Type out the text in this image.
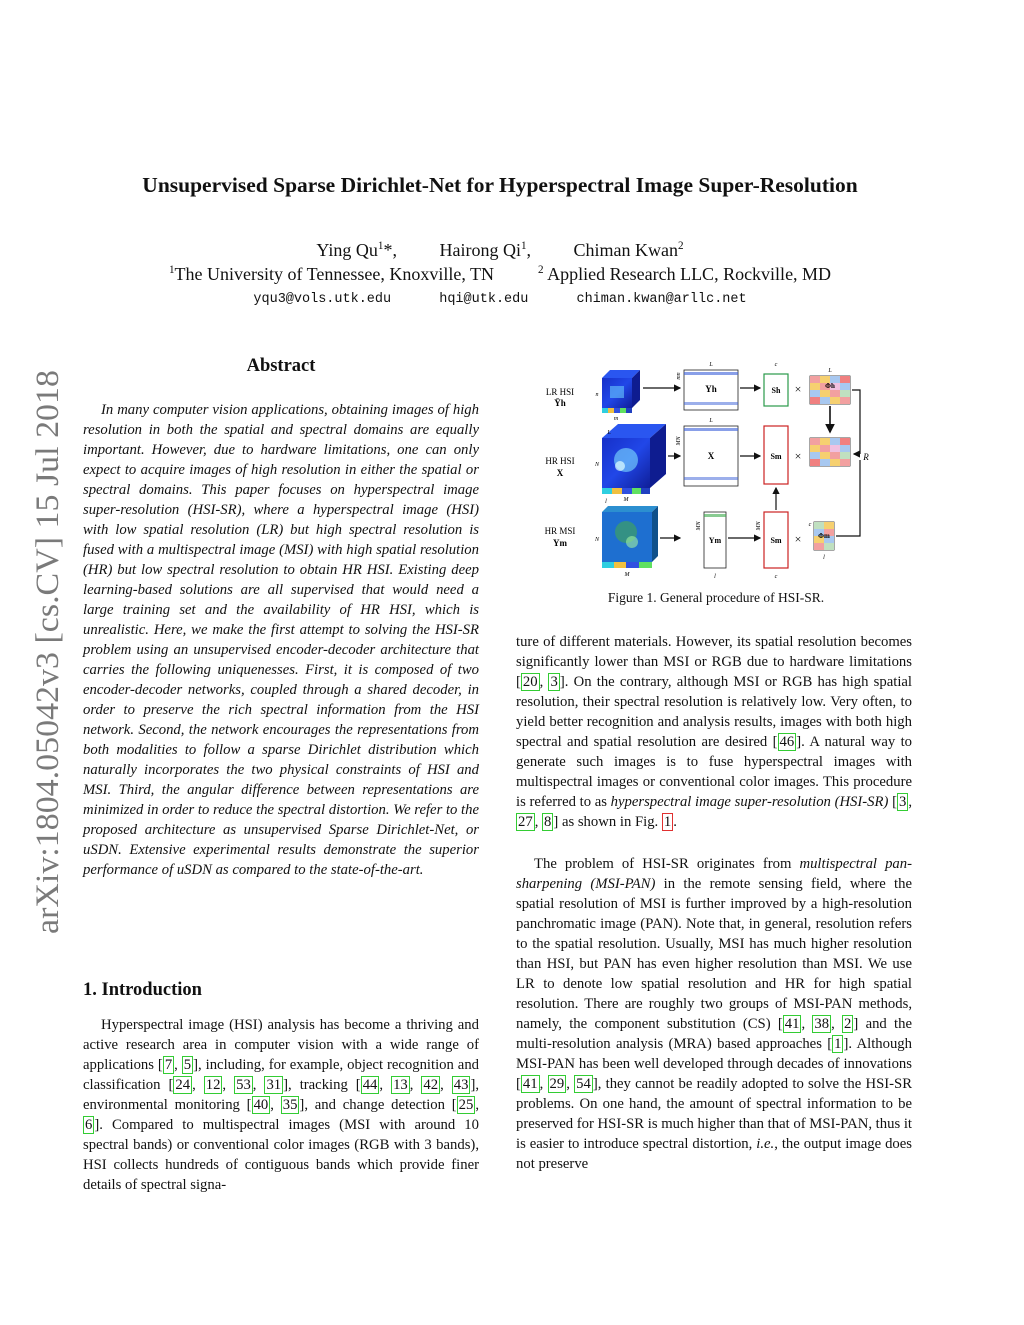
arXiv:1804.05042v3 [cs.CV] 15 Jul 2018
Unsupervised Sparse Dirichlet-Net for Hyperspectral Image Super-Resolution
Ying Qu$^1$*, Hairong Qi$^1$, Chiman Kwan$^2$
$^1$The University of Tennessee, Knoxville, TN	$^2$ Applied Research LLC, Rockville, MD
yqu3@vols.utk.edu	hqi@utk.edu	chiman.kwan@arllc.net
Abstract
In many computer vision applications, obtaining images of high resolution in both the spatial and spectral domains are equally important. However, due to hardware limitations, one can only expect to acquire images of high resolution in either the spatial or spectral domains. This paper focuses on hyperspectral image super-resolution (HSI-SR), where a hyperspectral image (HSI) with low spatial resolution (LR) but high spectral resolution is fused with a multispectral image (MSI) with high spatial resolution (HR) but low spectral resolution to obtain HR HSI. Existing deep learning-based solutions are all supervised that would need a large training set and the availability of HR HSI, which is unrealistic. Here, we make the first attempt to solving the HSI-SR problem using an unsupervised encoder-decoder architecture that carries the following uniquenesses. First, it is composed of two encoder-decoder networks, coupled through a shared decoder, in order to preserve the rich spectral information from the HSI network. Second, the network encourages the representations from both modalities to follow a sparse Dirichlet distribution which naturally incorporates the two physical constraints of HSI and MSI. Third, the angular difference between representations are minimized in order to reduce the spectral distortion. We refer to the proposed architecture as unsupervised Sparse Dirichlet-Net, or uSDN. Extensive experimental results demonstrate the superior performance of uSDN as compared to the state-of-the-art.
1. Introduction
Hyperspectral image (HSI) analysis has become a thriving and active research area in computer vision with a wide range of applications [ 7 , 5 ], including, for example, object recognition and classification [ 24 , 12 , 53 , 31 ], tracking [ 44 , 13 , 42 , 43 ], environmental monitoring [ 40 , 35 ], and change detection [ 25 , 6 ]. Compared to multispectral images (MSI with around 10 spectral bands) or conventional color images (RGB with 3 bands), HSI collects hundreds of contiguous bands which provide finer details of spectral signa-
LR HSI
Ȳh
HR HSI
X
HR MSI
Ym
m
n
M
N
L
M
N
l
Yh
L
mn
X
L
MN
Ym
l
MN
Sh
c
Sm
Sm
c
MN
×
×
×
Φh
L
Φm
c
l
R
Figure 1. General procedure of HSI-SR.
ture of different materials. However, its spatial resolution becomes significantly lower than MSI or RGB due to hardware limitations [ 20 , 3 ]. On the contrary, although MSI or RGB has high spatial resolution, their spectral resolution is relatively low. Very often, to yield better recognition and analysis results, images with both high spectral and spatial resolution are desired [ 46 ]. A natural way to generate such images is to fuse hyperspectral images with multispectral images or conventional color images. This procedure is referred to as hyperspectral image super-resolution (HSI-SR) [ 3 , 27 , 8 ] as shown in Fig. 1 .
The problem of HSI-SR originates from multispectral pan-sharpening (MSI-PAN) in the remote sensing field, where the spatial resolution of MSI is further improved by a high-resolution panchromatic image (PAN). Note that, in general, resolution refers to the spatial resolution. Usually, MSI has much higher resolution than HSI, but PAN has even higher resolution than MSI. We use LR to denote low spatial resolution and HR for high spatial resolution. There are roughly two groups of MSI-PAN methods, namely, the component substitution (CS) [ 41 , 38 , 2 ] and the multi-resolution analysis (MRA) based approaches [ 1 ]. Although MSI-PAN has been well developed through decades of innovations [ 41 , 29 , 54 ], they cannot be readily adopted to solve the HSI-SR problems. On one hand, the amount of spectral information to be preserved for HSI-SR is much higher than that of MSI-PAN, thus it is easier to introduce spectral distortion, i.e., the output image does not preserve
